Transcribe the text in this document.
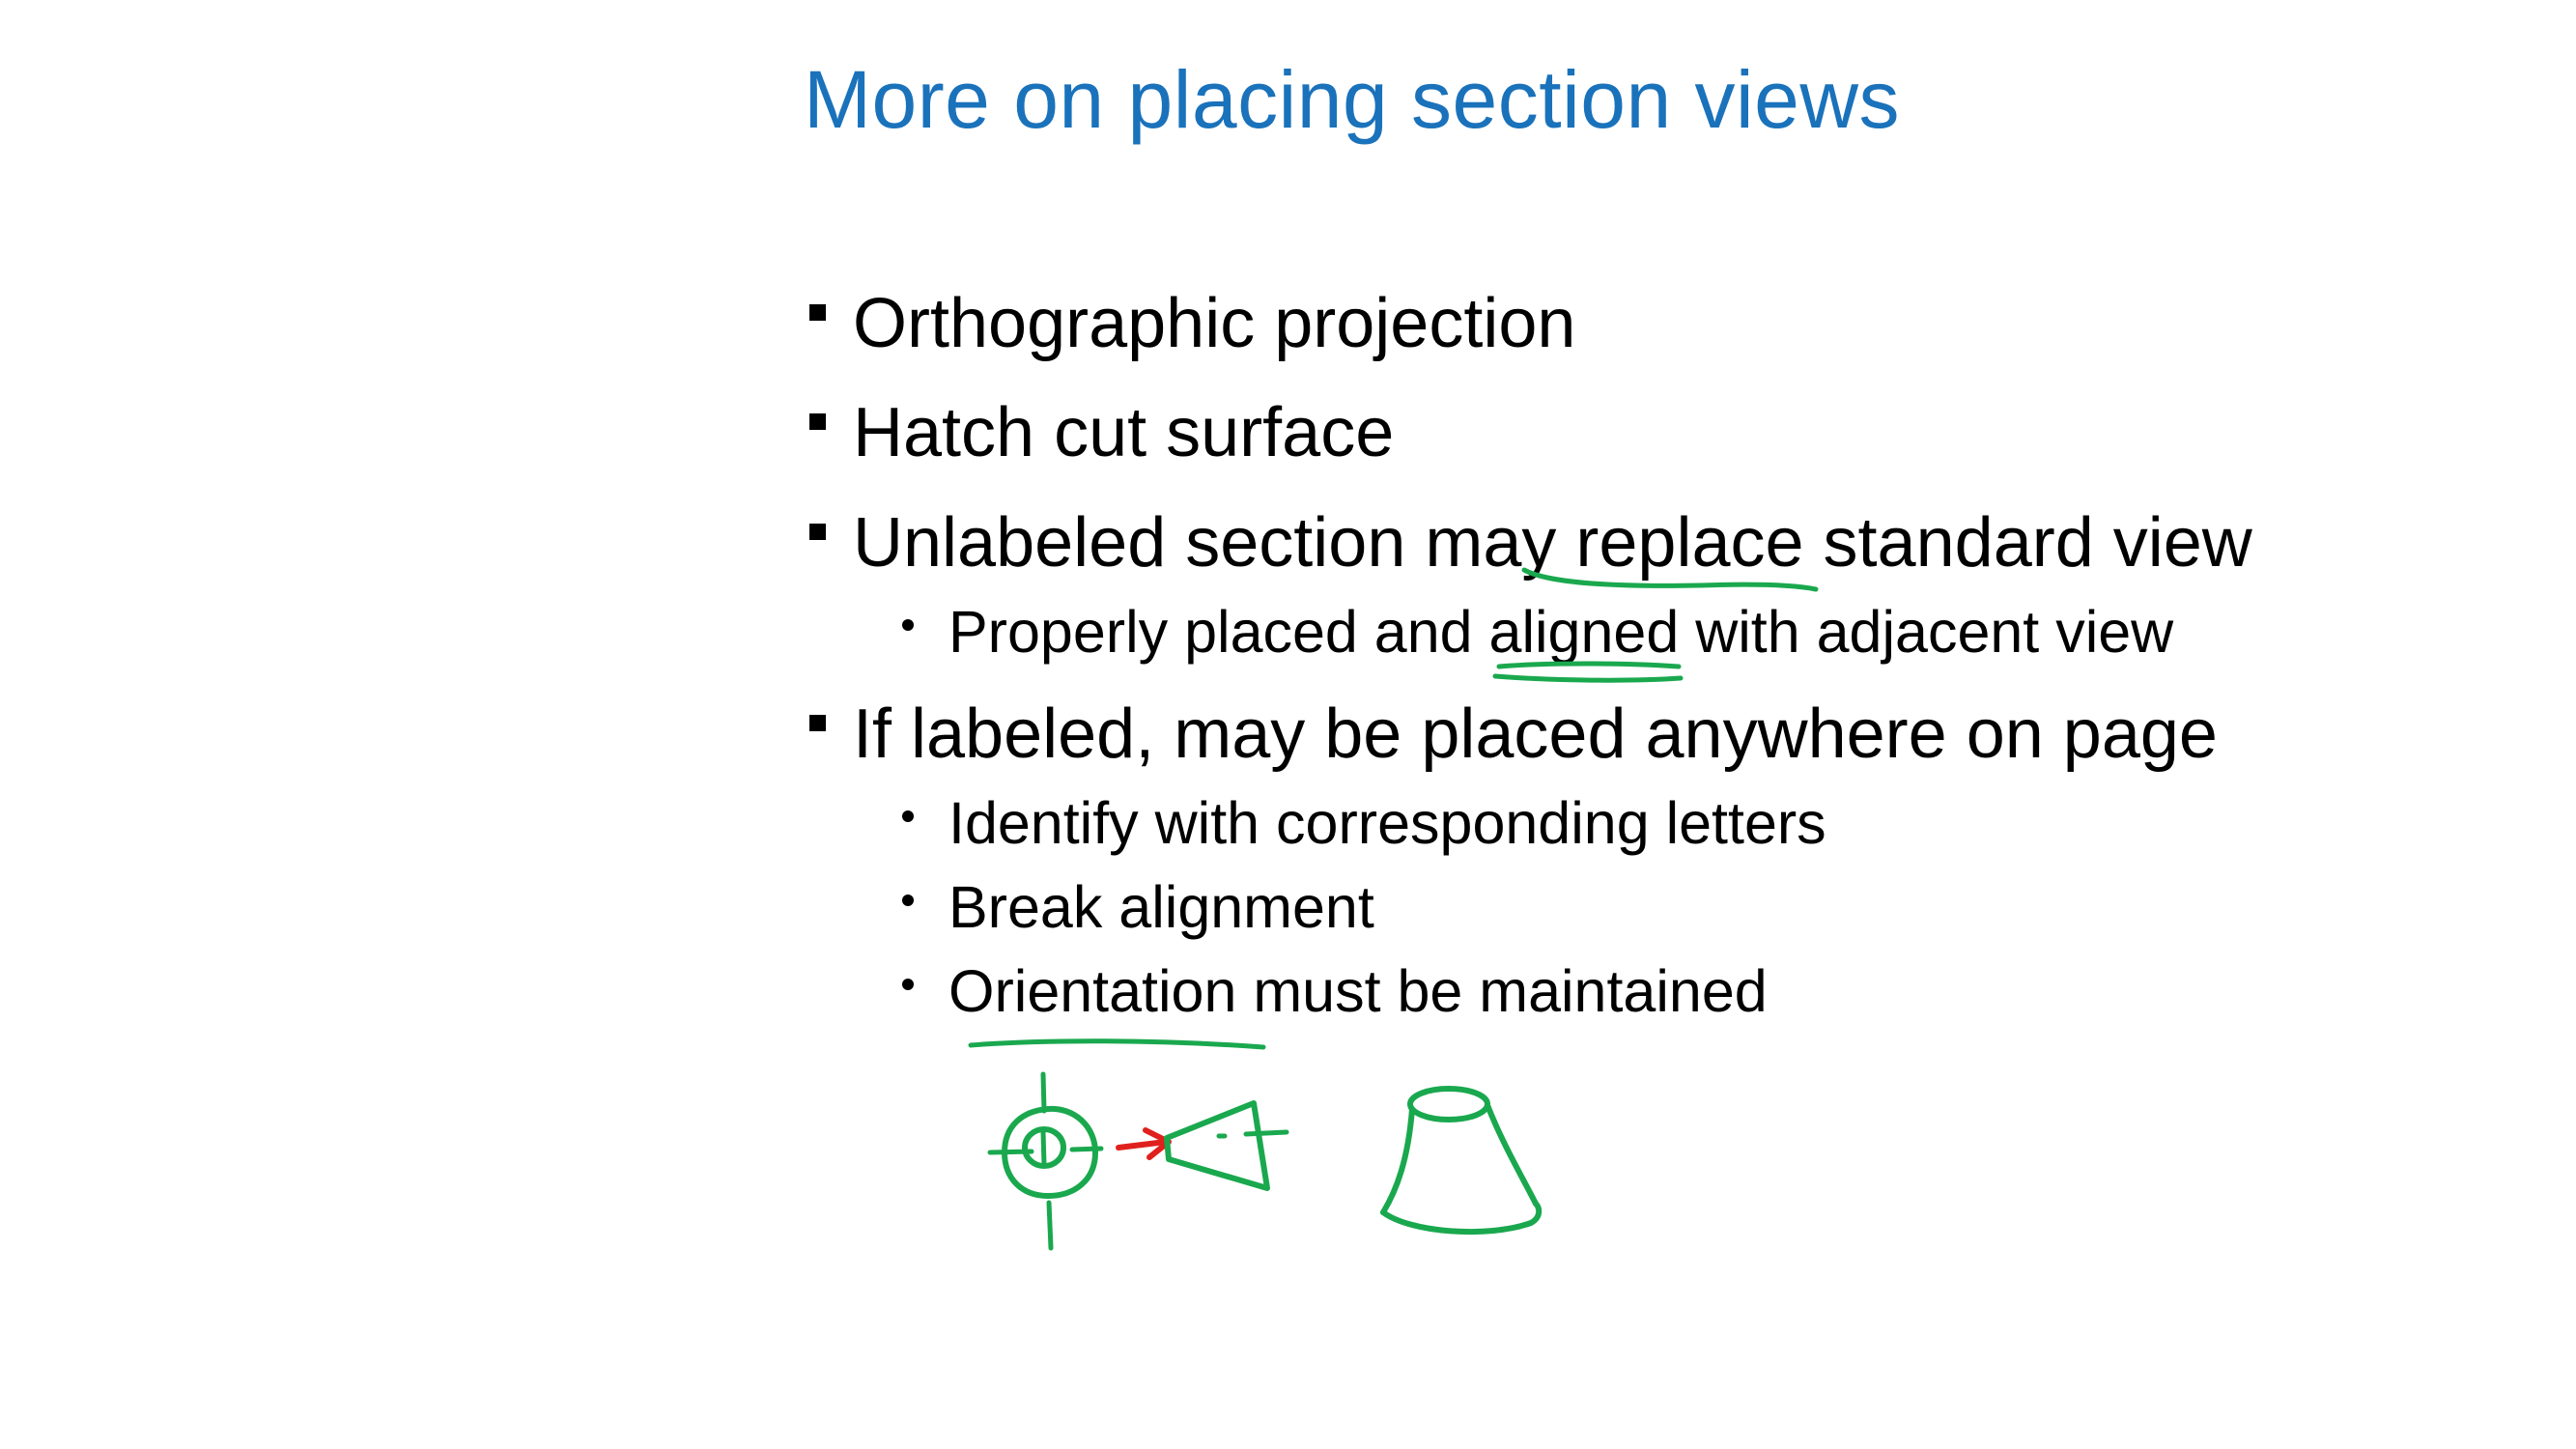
More on placing section views
Orthographic projection
Hatch cut surface
Unlabeled section may replace standard view
Properly placed and aligned with adjacent view
If labeled, may be placed anywhere on page
Identify with corresponding letters
Break alignment
Orientation must be maintained
